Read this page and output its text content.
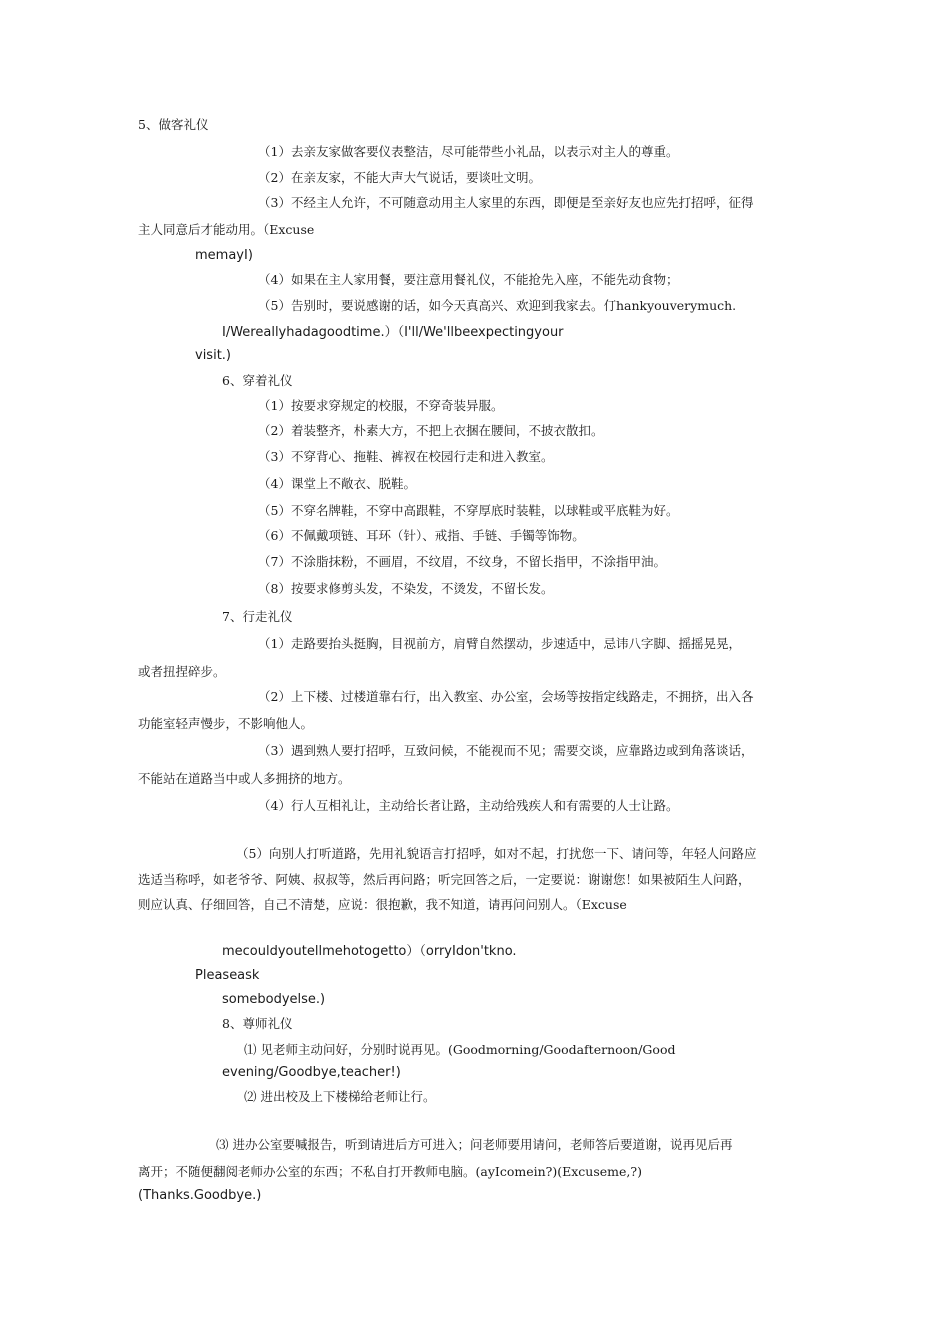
5、做客礼仪
（1）去亲友家做客要仪表整洁，尽可能带些小礼品，以表示对主人的尊重。
（2）在亲友家，不能大声大气说话，要谈吐文明。
（3）不经主人允许，不可随意动用主人家里的东西，即便是至亲好友也应先打招呼，征得
主人同意后才能动用。（Excuse
memayI)
（4）如果在主人家用餐，要注意用餐礼仪，不能抢先入座，不能先动食物；
（5）告别时，要说感谢的话，如今天真高兴、欢迎到我家去。仃hankyouverymuch.
I/Wereallyhadagoodtime.）（I'll/We'llbeexpectingyour
visit.)
6、穿着礼仪
（1）按要求穿规定的校服，不穿奇装异服。
（2）着装整齐，朴素大方，不把上衣捆在腰间，不披衣散扣。
（3）不穿背心、拖鞋、裤衩在校园行走和进入教室。
（4）课堂上不敞衣、脱鞋。
（5）不穿名牌鞋，不穿中高跟鞋，不穿厚底时装鞋，以球鞋或平底鞋为好。
（6）不佩戴项链、耳环（针）、戒指、手链、手镯等饰物。
（7）不涂脂抹粉，不画眉，不纹眉，不纹身，不留长指甲，不涂指甲油。
（8）按要求修剪头发，不染发，不烫发，不留长发。
7、行走礼仪
（1）走路要抬头挺胸，目视前方，肩臂自然摆动，步速适中，忌讳八字脚、摇摇晃晃，
或者扭捏碎步。
（2）上下楼、过楼道靠右行，出入教室、办公室，会场等按指定线路走，不拥挤，出入各
功能室轻声慢步，不影响他人。
（3）遇到熟人要打招呼，互致问候，不能视而不见；需要交谈，应靠路边或到角落谈话，
不能站在道路当中或人多拥挤的地方。
（4）行人互相礼让，主动给长者让路，主动给残疾人和有需要的人士让路。
（5）向别人打听道路，先用礼貌语言打招呼，如对不起，打扰您一下、请问等，年轻人问路应
选适当称呼，如老爷爷、阿姨、叔叔等，然后再问路；听完回答之后，一定要说：谢谢您！如果被陌生人问路，
则应认真、仔细回答，自己不清楚，应说：很抱歉，我不知道，请再问问别人。（Excuse
mecouldyoutellmehotogetto）（orryIdon'tkno.
Pleaseask
somebodyelse.)
8、尊师礼仪
⑴ 见老师主动问好，分别时说再见。(Goodmorning/Goodafternoon/Good
evening/Goodbye,teacher!)
⑵ 进出校及上下楼梯给老师让行。
⑶ 进办公室要喊报告，听到请进后方可进入；问老师要用请问，老师答后要道谢，说再见后再
离开；不随便翻阅老师办公室的东西；不私自打开教师电脑。(ayIcomein?)(Excuseme,?)
(Thanks.Goodbye.)
